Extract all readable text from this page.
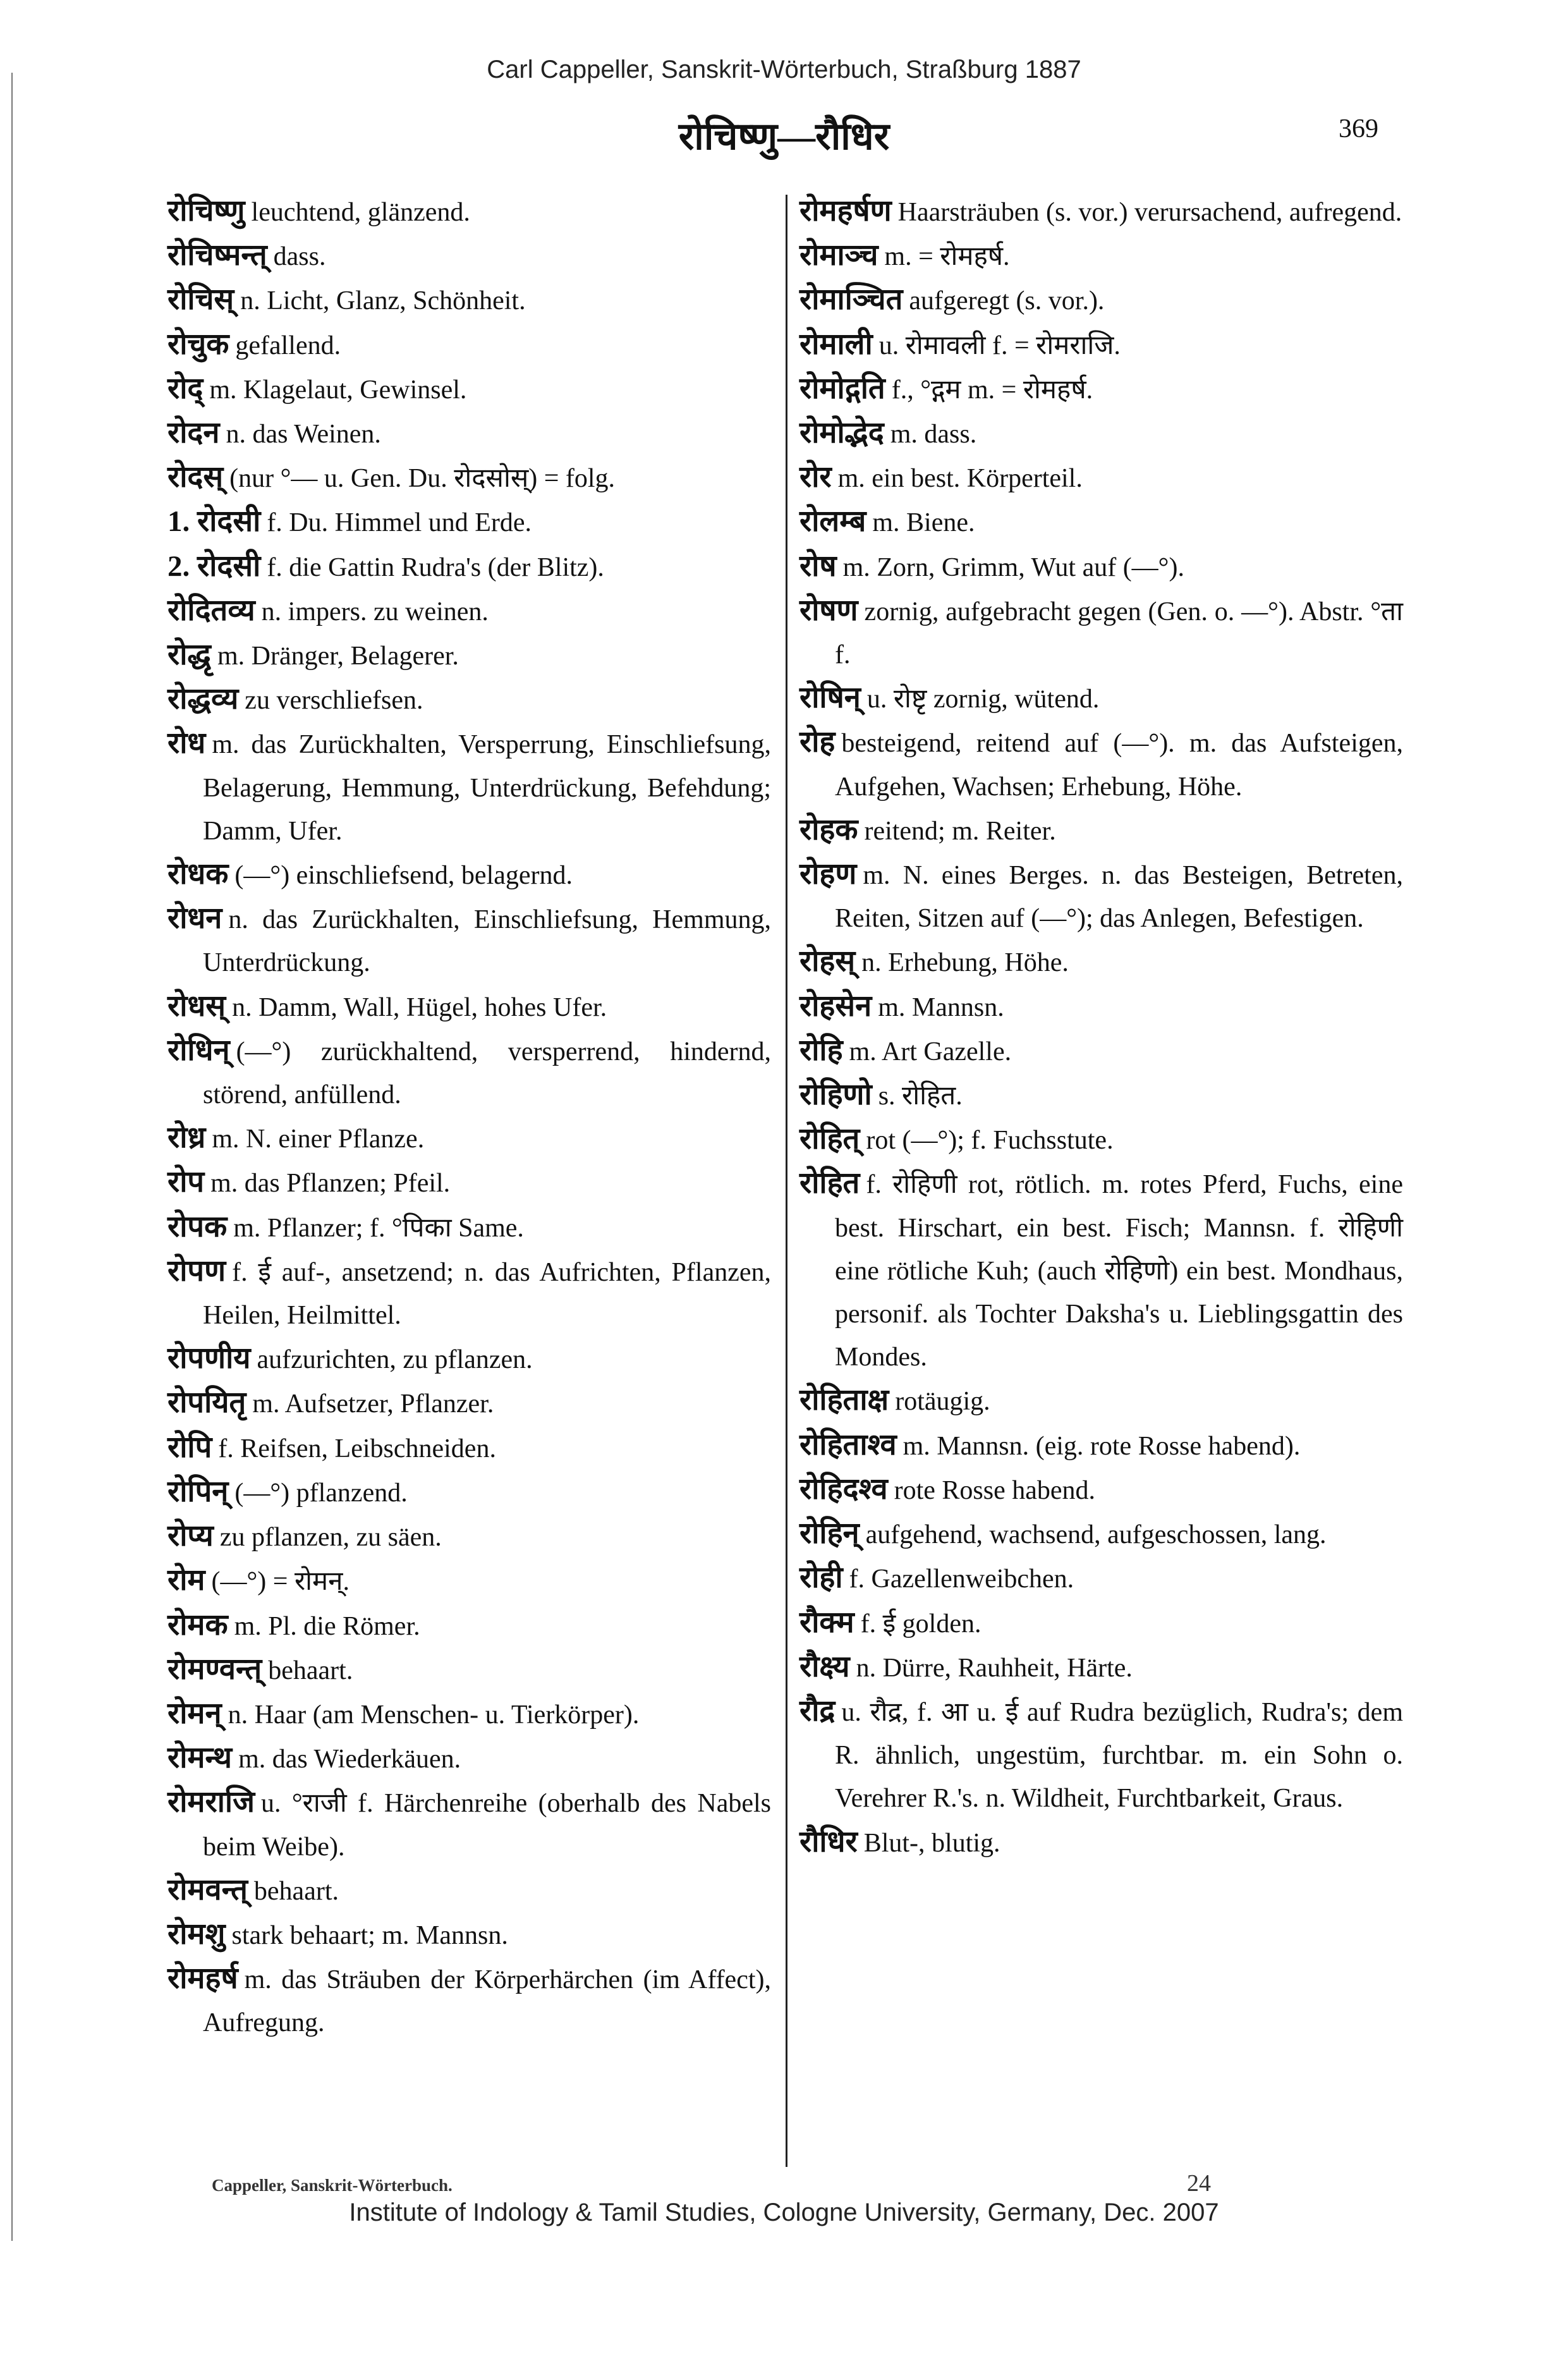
Carl Cappeller, Sanskrit-Wörterbuch, Straßburg 1887
रोचिष्णु—रौधिर	369
रोचिष्णु leuchtend, glänzend.
रोचिष्मन्त् dass.
रोचिस् n. Licht, Glanz, Schönheit.
रोचुक gefallend.
रोद् m. Klagelaut, Gewinsel.
रोदन n. das Weinen.
रोदस् (nur °— u. Gen. Du. रोदसोस्) = folg.
1. रोदसी f. Du. Himmel und Erde.
2. रोदसी f. die Gattin Rudra's (der Blitz).
रोदितव्य n. impers. zu weinen.
रोद्धृ m. Dränger, Belagerer.
रोद्धव्य zu verschliefsen.
रोध m. das Zurückhalten, Versperrung, Einschliefsung, Belagerung, Hemmung, Unterdrückung, Befehdung; Damm, Ufer.
रोधक (—°) einschliefsend, belagernd.
रोधन n. das Zurückhalten, Einschliefsung, Hemmung, Unterdrückung.
रोधस् n. Damm, Wall, Hügel, hohes Ufer.
रोधिन् (—°) zurückhaltend, versperrend, hindernd, störend, anfüllend.
रोध्र m. N. einer Pflanze.
रोप m. das Pflanzen; Pfeil.
रोपक m. Pflanzer; f. °पिका Same.
रोपण f. ई auf-, ansetzend; n. das Aufrichten, Pflanzen, Heilen, Heilmittel.
रोपणीय aufzurichten, zu pflanzen.
रोपयितृ m. Aufsetzer, Pflanzer.
रोपि f. Reifsen, Leibschneiden.
रोपिन् (—°) pflanzend.
रोप्य zu pflanzen, zu säen.
रोम (—°) = रोमन्.
रोमक m. Pl. die Römer.
रोमण्वन्त् behaart.
रोमन् n. Haar (am Menschen- u. Tierkörper).
रोमन्थ m. das Wiederkäuen.
रोमराजि u. °राजी f. Härchenreihe (oberhalb des Nabels beim Weibe).
रोमवन्त् behaart.
रोमशु stark behaart; m. Mannsn.
रोमहर्ष m. das Sträuben der Körperhärchen (im Affect), Aufregung.
रोमहर्षण Haarsträuben (s. vor.) verursachend, aufregend.
रोमाञ्च m. = रोमहर्ष.
रोमाञ्चित aufgeregt (s. vor.).
रोमाली u. रोमावली f. = रोमराजि.
रोमोद्गति f., °द्गम m. = रोमहर्ष.
रोमोद्भेद m. dass.
रोर m. ein best. Körperteil.
रोलम्ब m. Biene.
रोष m. Zorn, Grimm, Wut auf (—°).
रोषण zornig, aufgebracht gegen (Gen. o. —°). Abstr. °ता f.
रोषिन् u. रोष्टृ zornig, wütend.
रोह besteigend, reitend auf (—°). m. das Aufsteigen, Aufgehen, Wachsen; Erhebung, Höhe.
रोहक reitend; m. Reiter.
रोहण m. N. eines Berges. n. das Besteigen, Betreten, Reiten, Sitzen auf (—°); das Anlegen, Befestigen.
रोहस् n. Erhebung, Höhe.
रोहसेन m. Mannsn.
रोहि m. Art Gazelle.
रोहिणो s. रोहित.
रोहित् rot (—°); f. Fuchsstute.
रोहित f. रोहिणी rot, rötlich. m. rotes Pferd, Fuchs, eine best. Hirschart, ein best. Fisch; Mannsn. f. रोहिणी eine rötliche Kuh; (auch रोहिणो) ein best. Mondhaus, personif. als Tochter Daksha's u. Lieblingsgattin des Mondes.
रोहिताक्ष rotäugig.
रोहिताश्व m. Mannsn. (eig. rote Rosse habend).
रोहिदश्व rote Rosse habend.
रोहिन् aufgehend, wachsend, aufgeschossen, lang.
रोही f. Gazellenweibchen.
रौक्म f. ई golden.
रौक्ष्य n. Dürre, Rauhheit, Härte.
रौद्र u. रौद्र, f. आ u. ई auf Rudra bezüglich, Rudra's; dem R. ähnlich, ungestüm, furchtbar. m. ein Sohn o. Verehrer R.'s. n. Wildheit, Furchtbarkeit, Graus.
रौधिर Blut-, blutig.
Cappeller, Sanskrit-Wörterbuch.	24
Institute of Indology & Tamil Studies, Cologne University, Germany, Dec. 2007
